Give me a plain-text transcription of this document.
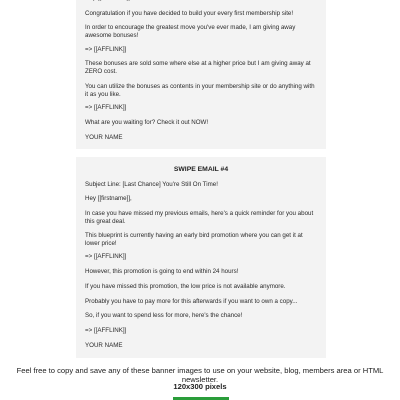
Congratulation if you have decided to build your every first membership site!
In order to encourage the greatest move you've ever made, I am giving away awesome bonuses!
=> [[AFFLINK]]
These bonuses are sold some where else at a higher price but I am giving away at ZERO cost.
You can utilize the bonuses as contents in your membership site or do anything with it as you like.
=> [[AFFLINK]]
What are you waiting for? Check it out NOW!
YOUR NAME
SWIPE EMAIL #4
Subject Line: [Last Chance] You're Still On Time!
Hey [[firstname]],
In case you have missed my previous emails, here's a quick reminder for you about this great deal.
This blueprint is currently having an early bird promotion where you can get it at lower price!
=> [[AFFLINK]]
However, this promotion is going to end within 24 hours!
If you have missed this promotion, the low price is not available anymore.
Probably you have to pay more for this afterwards if you want to own a copy...
So, if you want to spend less for more, here's the chance!
=> [[AFFLINK]]
YOUR NAME
Feel free to copy and save any of these banner images to use on your website, blog, members area or HTML newsletter.
120x300 pixels
